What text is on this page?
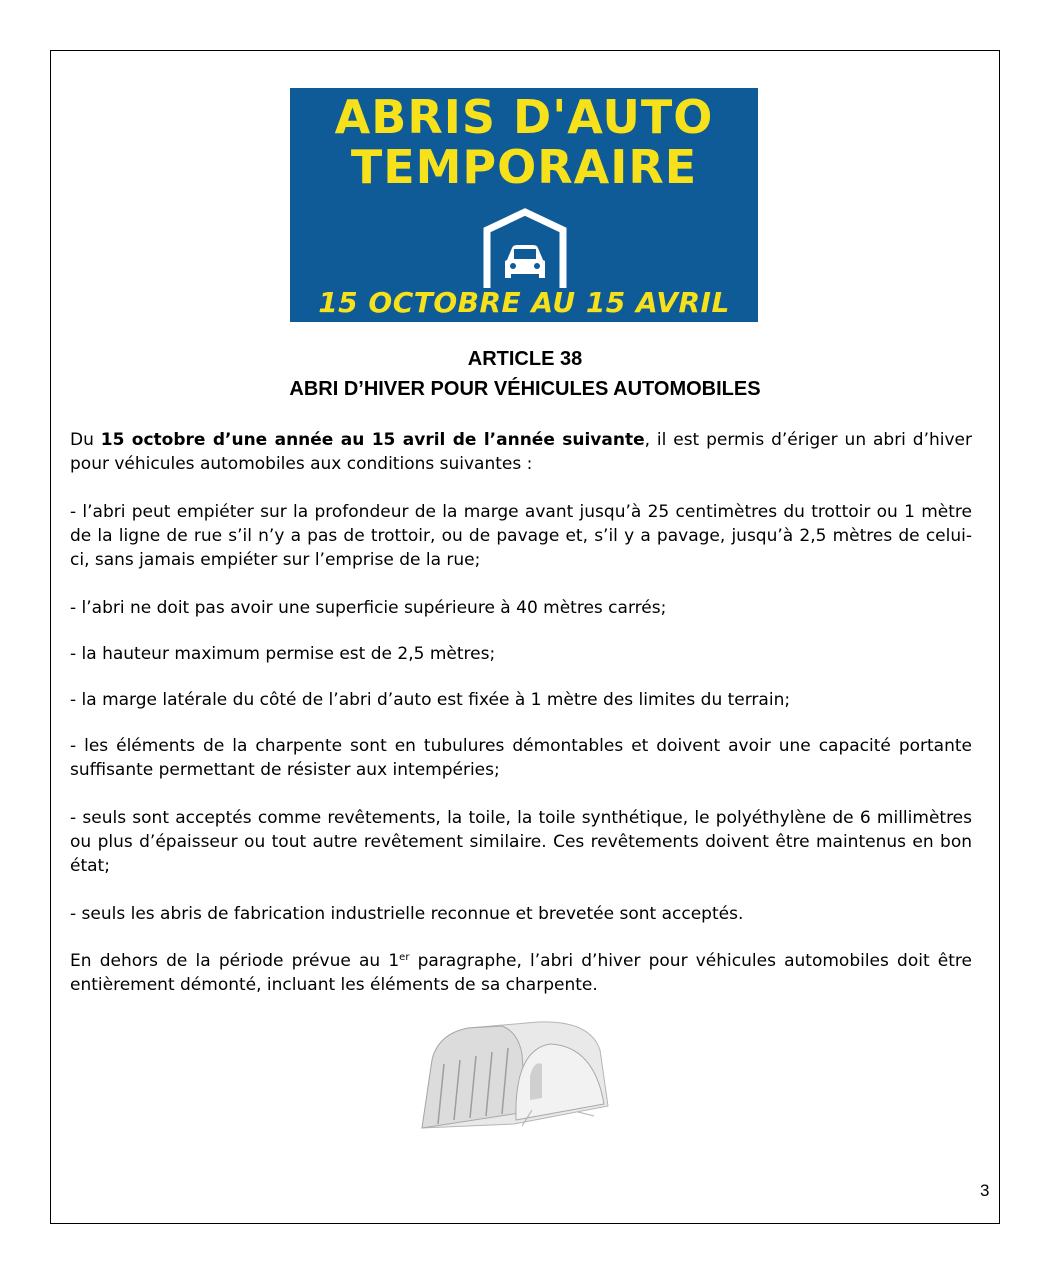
ABRIS D'AUTO
TEMPORAIRE
15 OCTOBRE AU 15 AVRIL
ARTICLE 38
ABRI D’HIVER POUR VÉHICULES AUTOMOBILES

Du 15 octobre d’une année au 15 avril de l’année suivante, il est permis d’ériger un abri d’hiver pour véhicules automobiles aux conditions suivantes :

- l’abri peut empiéter sur la profondeur de la marge avant jusqu’à 25 centimètres du trottoir ou 1 mètre de la ligne de rue s’il n’y a pas de trottoir, ou de pavage et, s’il y a pavage, jusqu’à 2,5 mètres de celui-ci, sans jamais empiéter sur l’emprise de la rue;

- l’abri ne doit pas avoir une superficie supérieure à 40 mètres carrés;

- la hauteur maximum permise est de 2,5 mètres;

- la marge latérale du côté de l’abri d’auto est fixée à 1 mètre des limites du terrain;

- les éléments de la charpente sont en tubulures démontables et doivent avoir une capacité portante suffisante permettant de résister aux intempéries;

- seuls sont acceptés comme revêtements, la toile, la toile synthétique, le polyéthylène de 6 millimètres ou plus d’épaisseur ou tout autre revêtement similaire. Ces revêtements doivent être maintenus en bon état;

- seuls les abris de fabrication industrielle reconnue et brevetée sont acceptés.

En dehors de la période prévue au 1er paragraphe, l’abri d’hiver pour véhicules automobiles doit être entièrement démonté, incluant les éléments de sa charpente.

3
